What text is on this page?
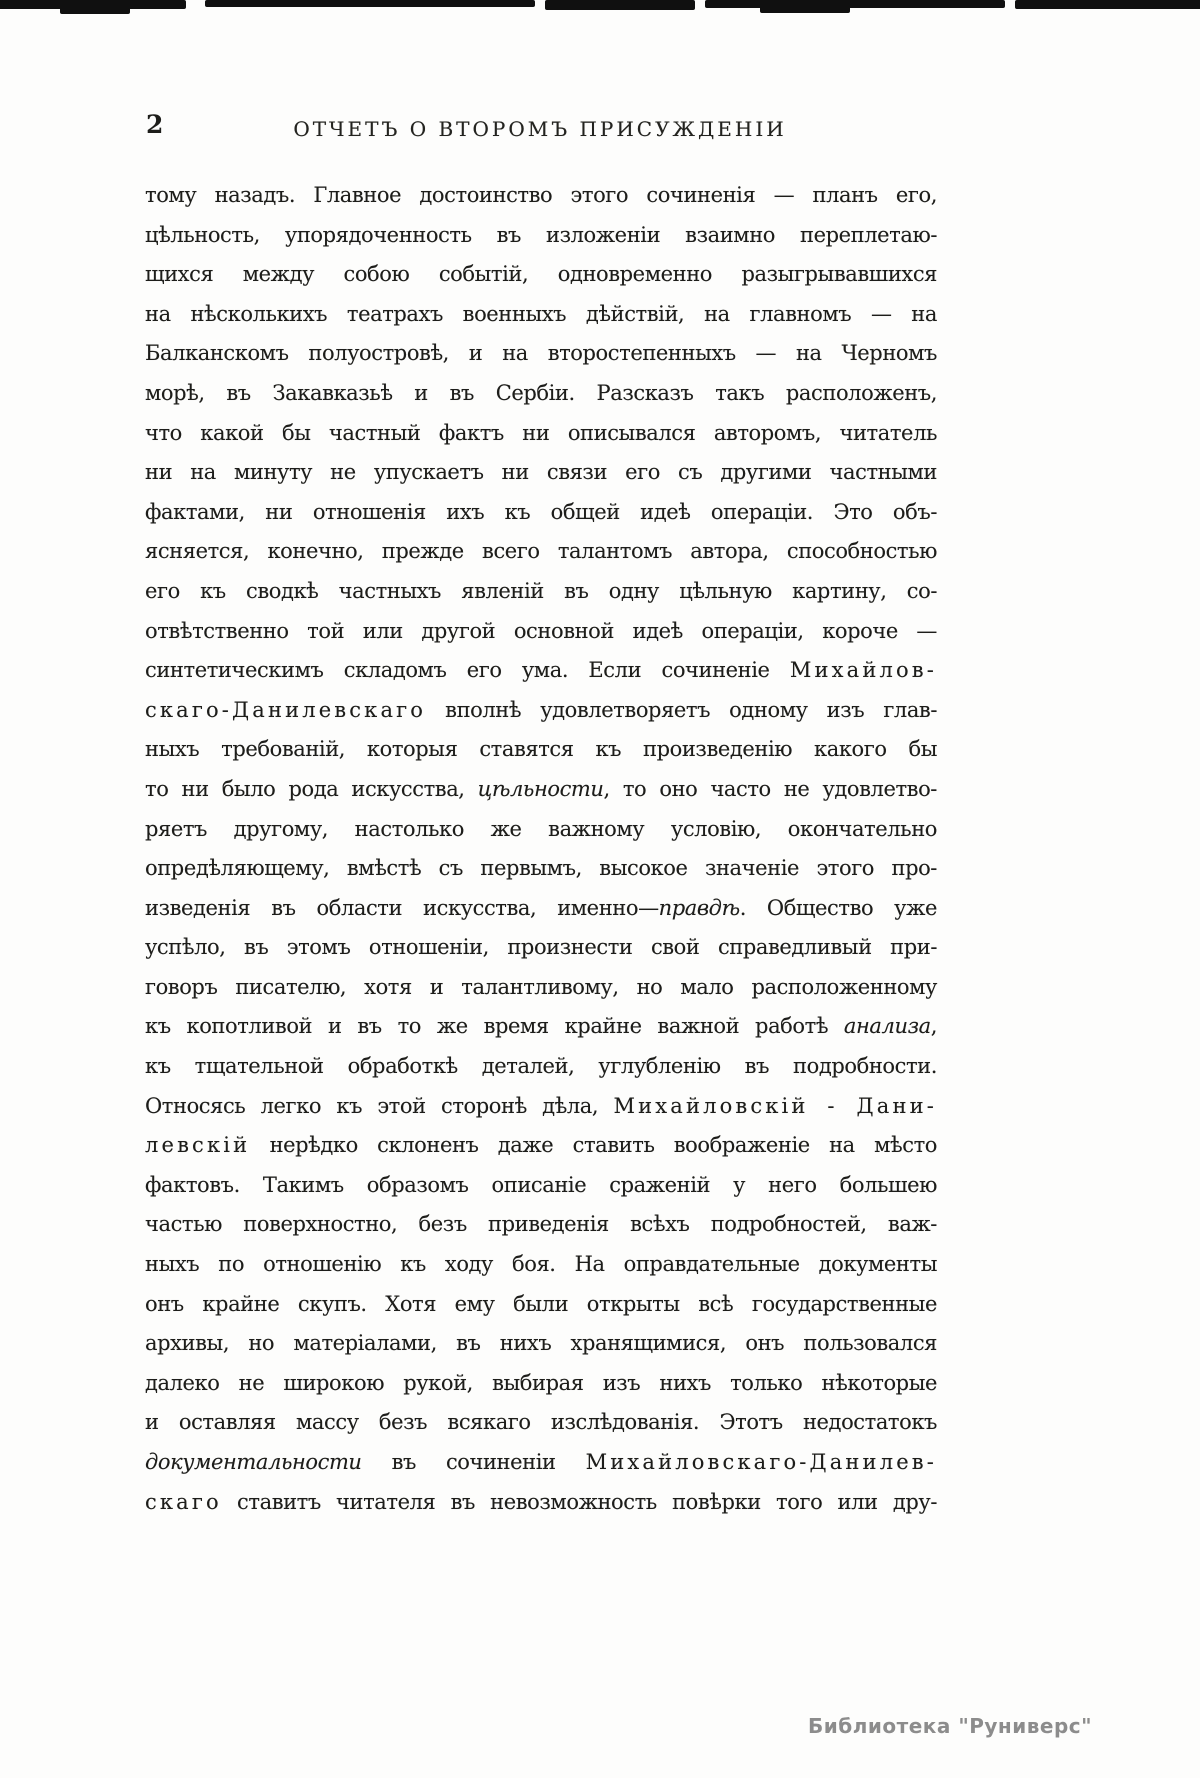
2	ОТЧЕТЪ О ВТОРОМЪ ПРИСУЖДЕНІИ

тому назадъ. Главное достоинство этого сочиненія — планъ его,

цѣльность, упорядоченность въ изложеніи взаимно переплетаю-

щихся между собою событій, одновременно разыгрывавшихся

на нѣсколькихъ театрахъ военныхъ дѣйствій, на главномъ — на

Балканскомъ полуостровѣ, и на второстепенныхъ — на Черномъ

морѣ, въ Закавказьѣ и въ Сербіи. Разсказъ такъ расположенъ,

что какой бы частный фактъ ни описывался авторомъ, читатель

ни на минуту не упускаетъ ни связи его съ другими частными

фактами, ни отношенія ихъ къ общей идеѣ операціи. Это объ-

ясняется, конечно, прежде всего талантомъ автора, способностью

его къ сводкѣ частныхъ явленій въ одну цѣльную картину, со-

отвѣтственно той или другой основной идеѣ операціи, короче —

синтетическимъ складомъ его ума. Если сочиненіе Михайлов-

скаго-Данилевскаго вполнѣ удовлетворяетъ одному изъ глав-

ныхъ требованій, которыя ставятся къ произведенію какого бы

то ни было рода искусства, цѣльности, то оно часто не удовлетво-

ряетъ другому, настолько же важному условію, окончательно

опредѣляющему, вмѣстѣ съ первымъ, высокое значеніе этого про-

изведенія въ области искусства, именно—правдѣ. Общество уже

успѣло, въ этомъ отношеніи, произнести свой справедливый при-

говоръ писателю, хотя и талантливому, но мало расположенному

къ копотливой и въ то же время крайне важной работѣ анализа,

къ тщательной обработкѣ деталей, углубленію въ подробности.

Относясь легко къ этой сторонѣ дѣла, Михайловскій - Дани-

левскій нерѣдко склоненъ даже ставить воображеніе на мѣсто

фактовъ. Такимъ образомъ описаніе сраженій у него большею

частью поверхностно, безъ приведенія всѣхъ подробностей, важ-

ныхъ по отношенію къ ходу боя. На оправдательные документы

онъ крайне скупъ. Хотя ему были открыты всѣ государственные

архивы, но матеріалами, въ нихъ хранящимися, онъ пользовался

далеко не широкою рукой, выбирая изъ нихъ только нѣкоторые

и оставляя массу безъ всякаго изслѣдованія. Этотъ недостатокъ

документальности въ сочиненіи Михайловскаго-Данилев-

скаго ставитъ читателя въ невозможность повѣрки того или дру-

Библиотека "Руниверс"
